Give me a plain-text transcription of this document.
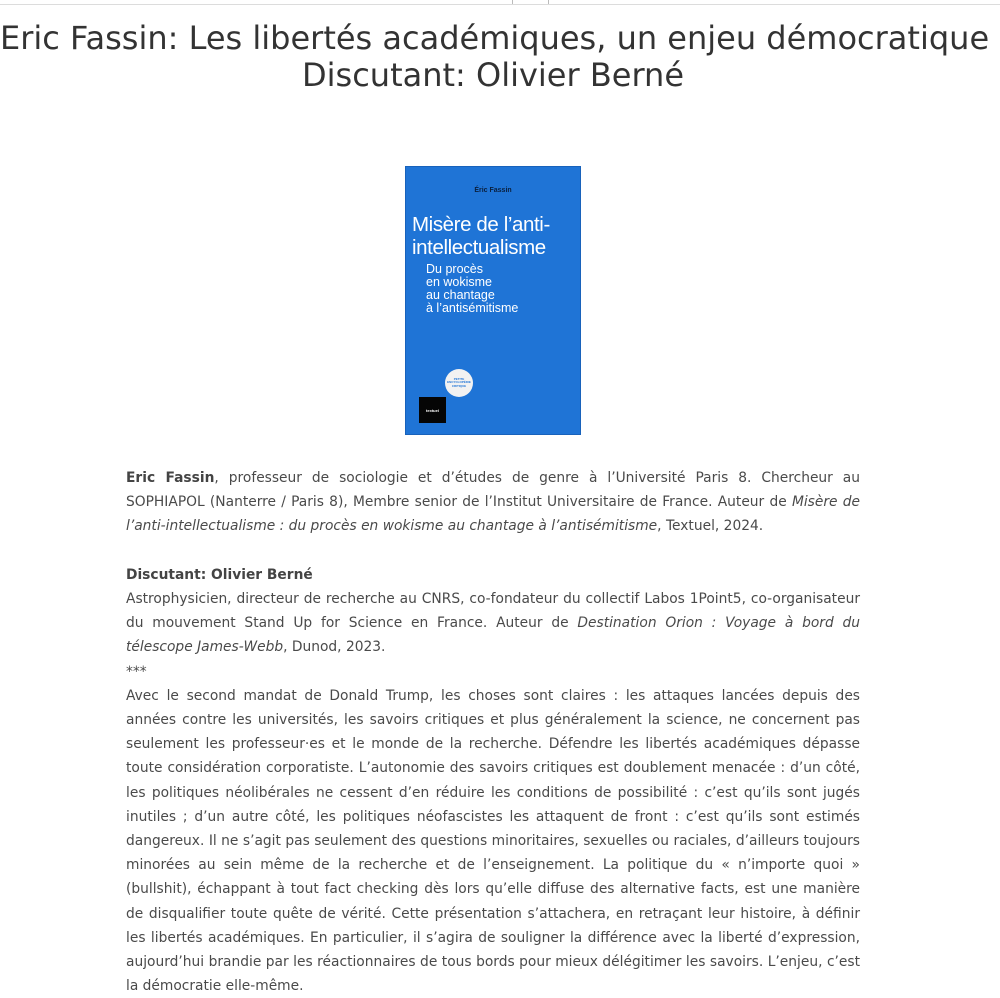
Eric Fassin: Les libertés académiques, un enjeu démocratique
Discutant: Olivier Berné
Éric Fassin
Misère de l’anti-
intellectualisme
Du procès
en wokisme
au chantage
à l’antisémitisme
PETITE
ENCYCLOPÉDIE
CRITIQUE
textuel

Eric Fassin, professeur de sociologie et d’études de genre à l’Université Paris 8. Chercheur au SOPHIAPOL (Nanterre / Paris 8), Membre senior de l’Institut Universitaire de France. Auteur de Misère de l’anti-intellectualisme : du procès en wokisme au chantage à l’antisémitisme, Textuel, 2024.

Discutant: Olivier Berné

Astrophysicien, directeur de recherche au CNRS, co-fondateur du collectif Labos 1Point5, co-organisateur du mouvement Stand Up for Science en France. Auteur de Destination Orion : Voyage à bord du télescope James-Webb, Dunod, 2023.

***

Avec le second mandat de Donald Trump, les choses sont claires : les attaques lancées depuis des années contre les universités, les savoirs critiques et plus généralement la science, ne concernent pas seulement les professeur·es et le monde de la recherche. Défendre les libertés académiques dépasse toute considération corporatiste. L’autonomie des savoirs critiques est doublement menacée : d’un côté, les politiques néolibérales ne cessent d’en réduire les conditions de possibilité : c’est qu’ils sont jugés inutiles ; d’un autre côté, les politiques néofascistes les attaquent de front : c’est qu’ils sont estimés dangereux. Il ne s’agit pas seulement des questions minoritaires, sexuelles ou raciales, d’ailleurs toujours minorées au sein même de la recherche et de l’enseignement. La politique du « n’importe quoi » (bullshit), échappant à tout fact checking dès lors qu’elle diffuse des alternative facts, est une manière de disqualifier toute quête de vérité. Cette présentation s’attachera, en retraçant leur histoire, à définir les libertés académiques. En particulier, il s’agira de souligner la différence avec la liberté d’expression, aujourd’hui brandie par les réactionnaires de tous bords pour mieux délégitimer les savoirs. L’enjeu, c’est la démocratie elle-même.
